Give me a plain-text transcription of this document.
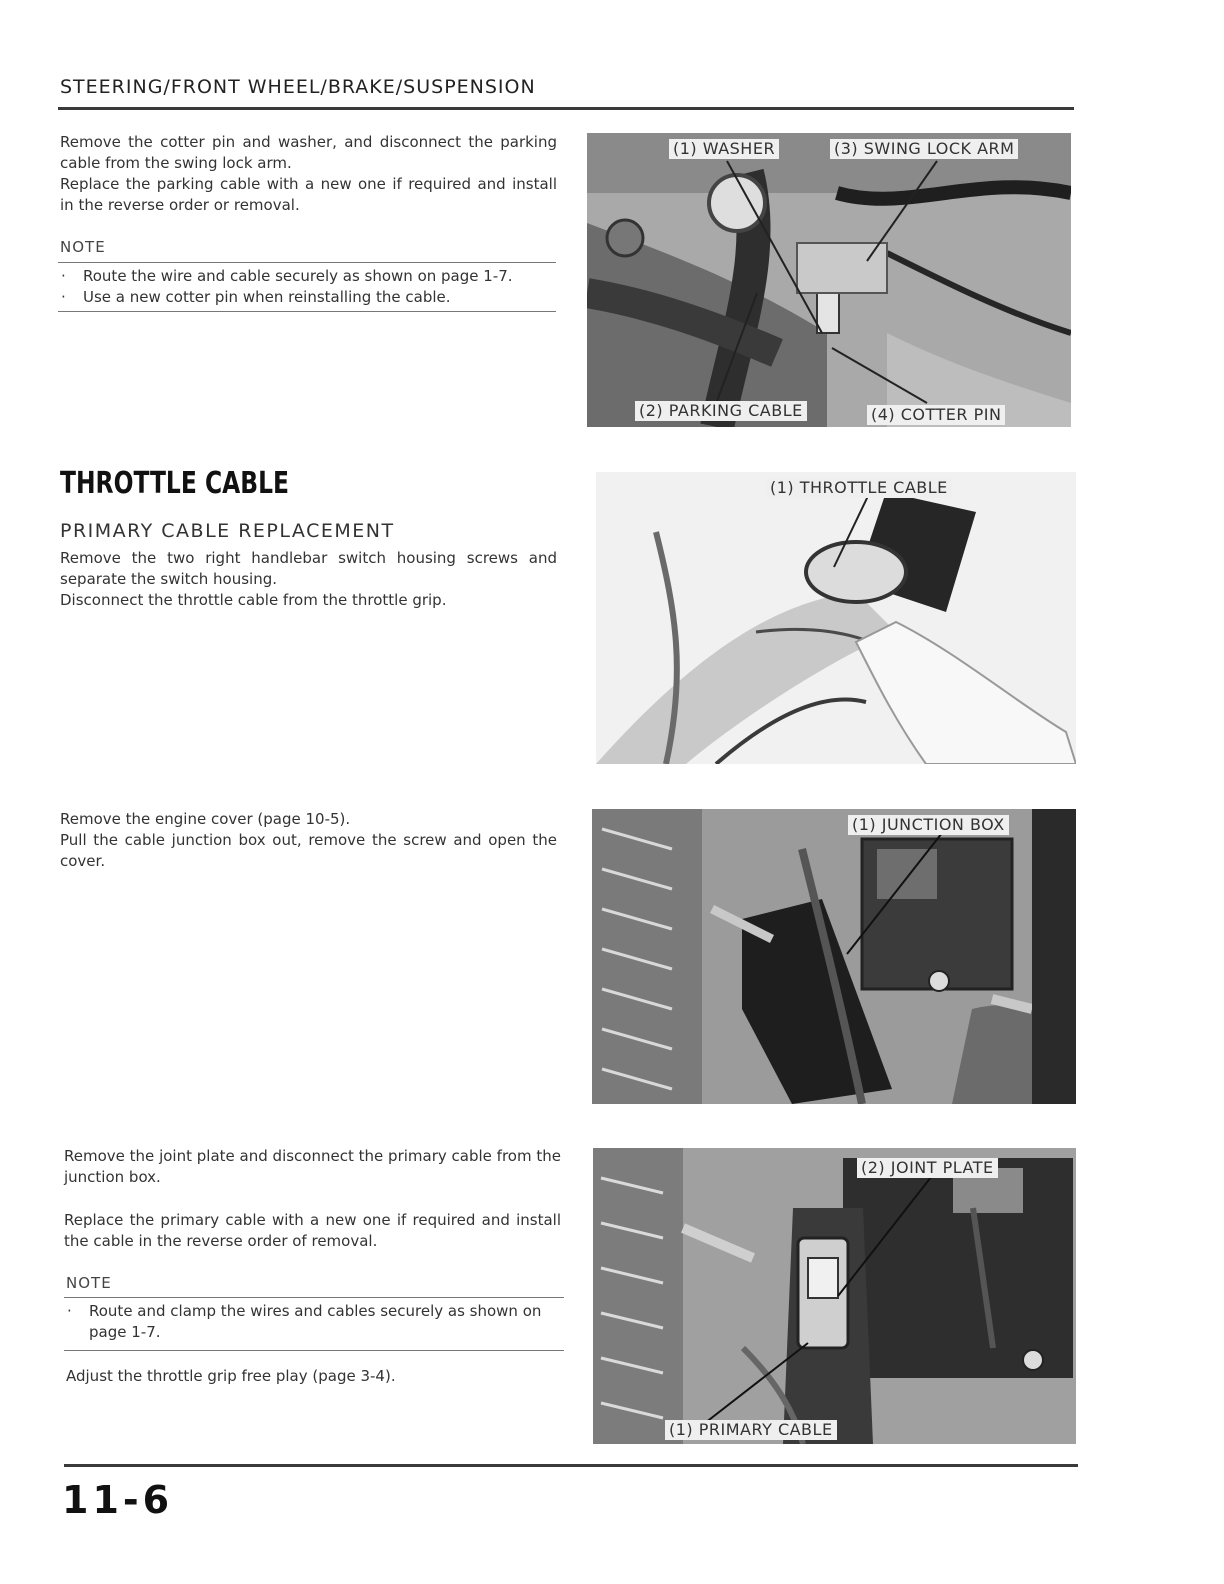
STEERING/FRONT WHEEL/BRAKE/SUSPENSION

Remove the cotter pin and washer, and disconnect the parking cable from the swing lock arm.

Replace the parking cable with a new one if required and install in the reverse order or removal.

NOTE
·	Route the wire and cable securely as shown on page 1-7.
·	Use a new cotter pin when reinstalling the cable.
(1) WASHER	(3) SWING LOCK ARM
(2) PARKING CABLE	(4) COTTER PIN
THROTTLE CABLE
PRIMARY CABLE REPLACEMENT

Remove the two right handlebar switch housing screws and separate the switch housing.

Disconnect the throttle cable from the throttle grip.

(1) THROTTLE CABLE

Remove the engine cover (page 10-5).

Pull the cable junction box out, remove the screw and open the cover.

(1) JUNCTION BOX

Remove the joint plate and disconnect the primary cable from the junction box.

Replace the primary cable with a new one if required and install the cable in the reverse order of removal.

NOTE
·	Route and clamp the wires and cables securely as shown on page 1-7.
Adjust the throttle grip free play (page 3-4).
(2) JOINT PLATE
(1) PRIMARY CABLE
11-6
